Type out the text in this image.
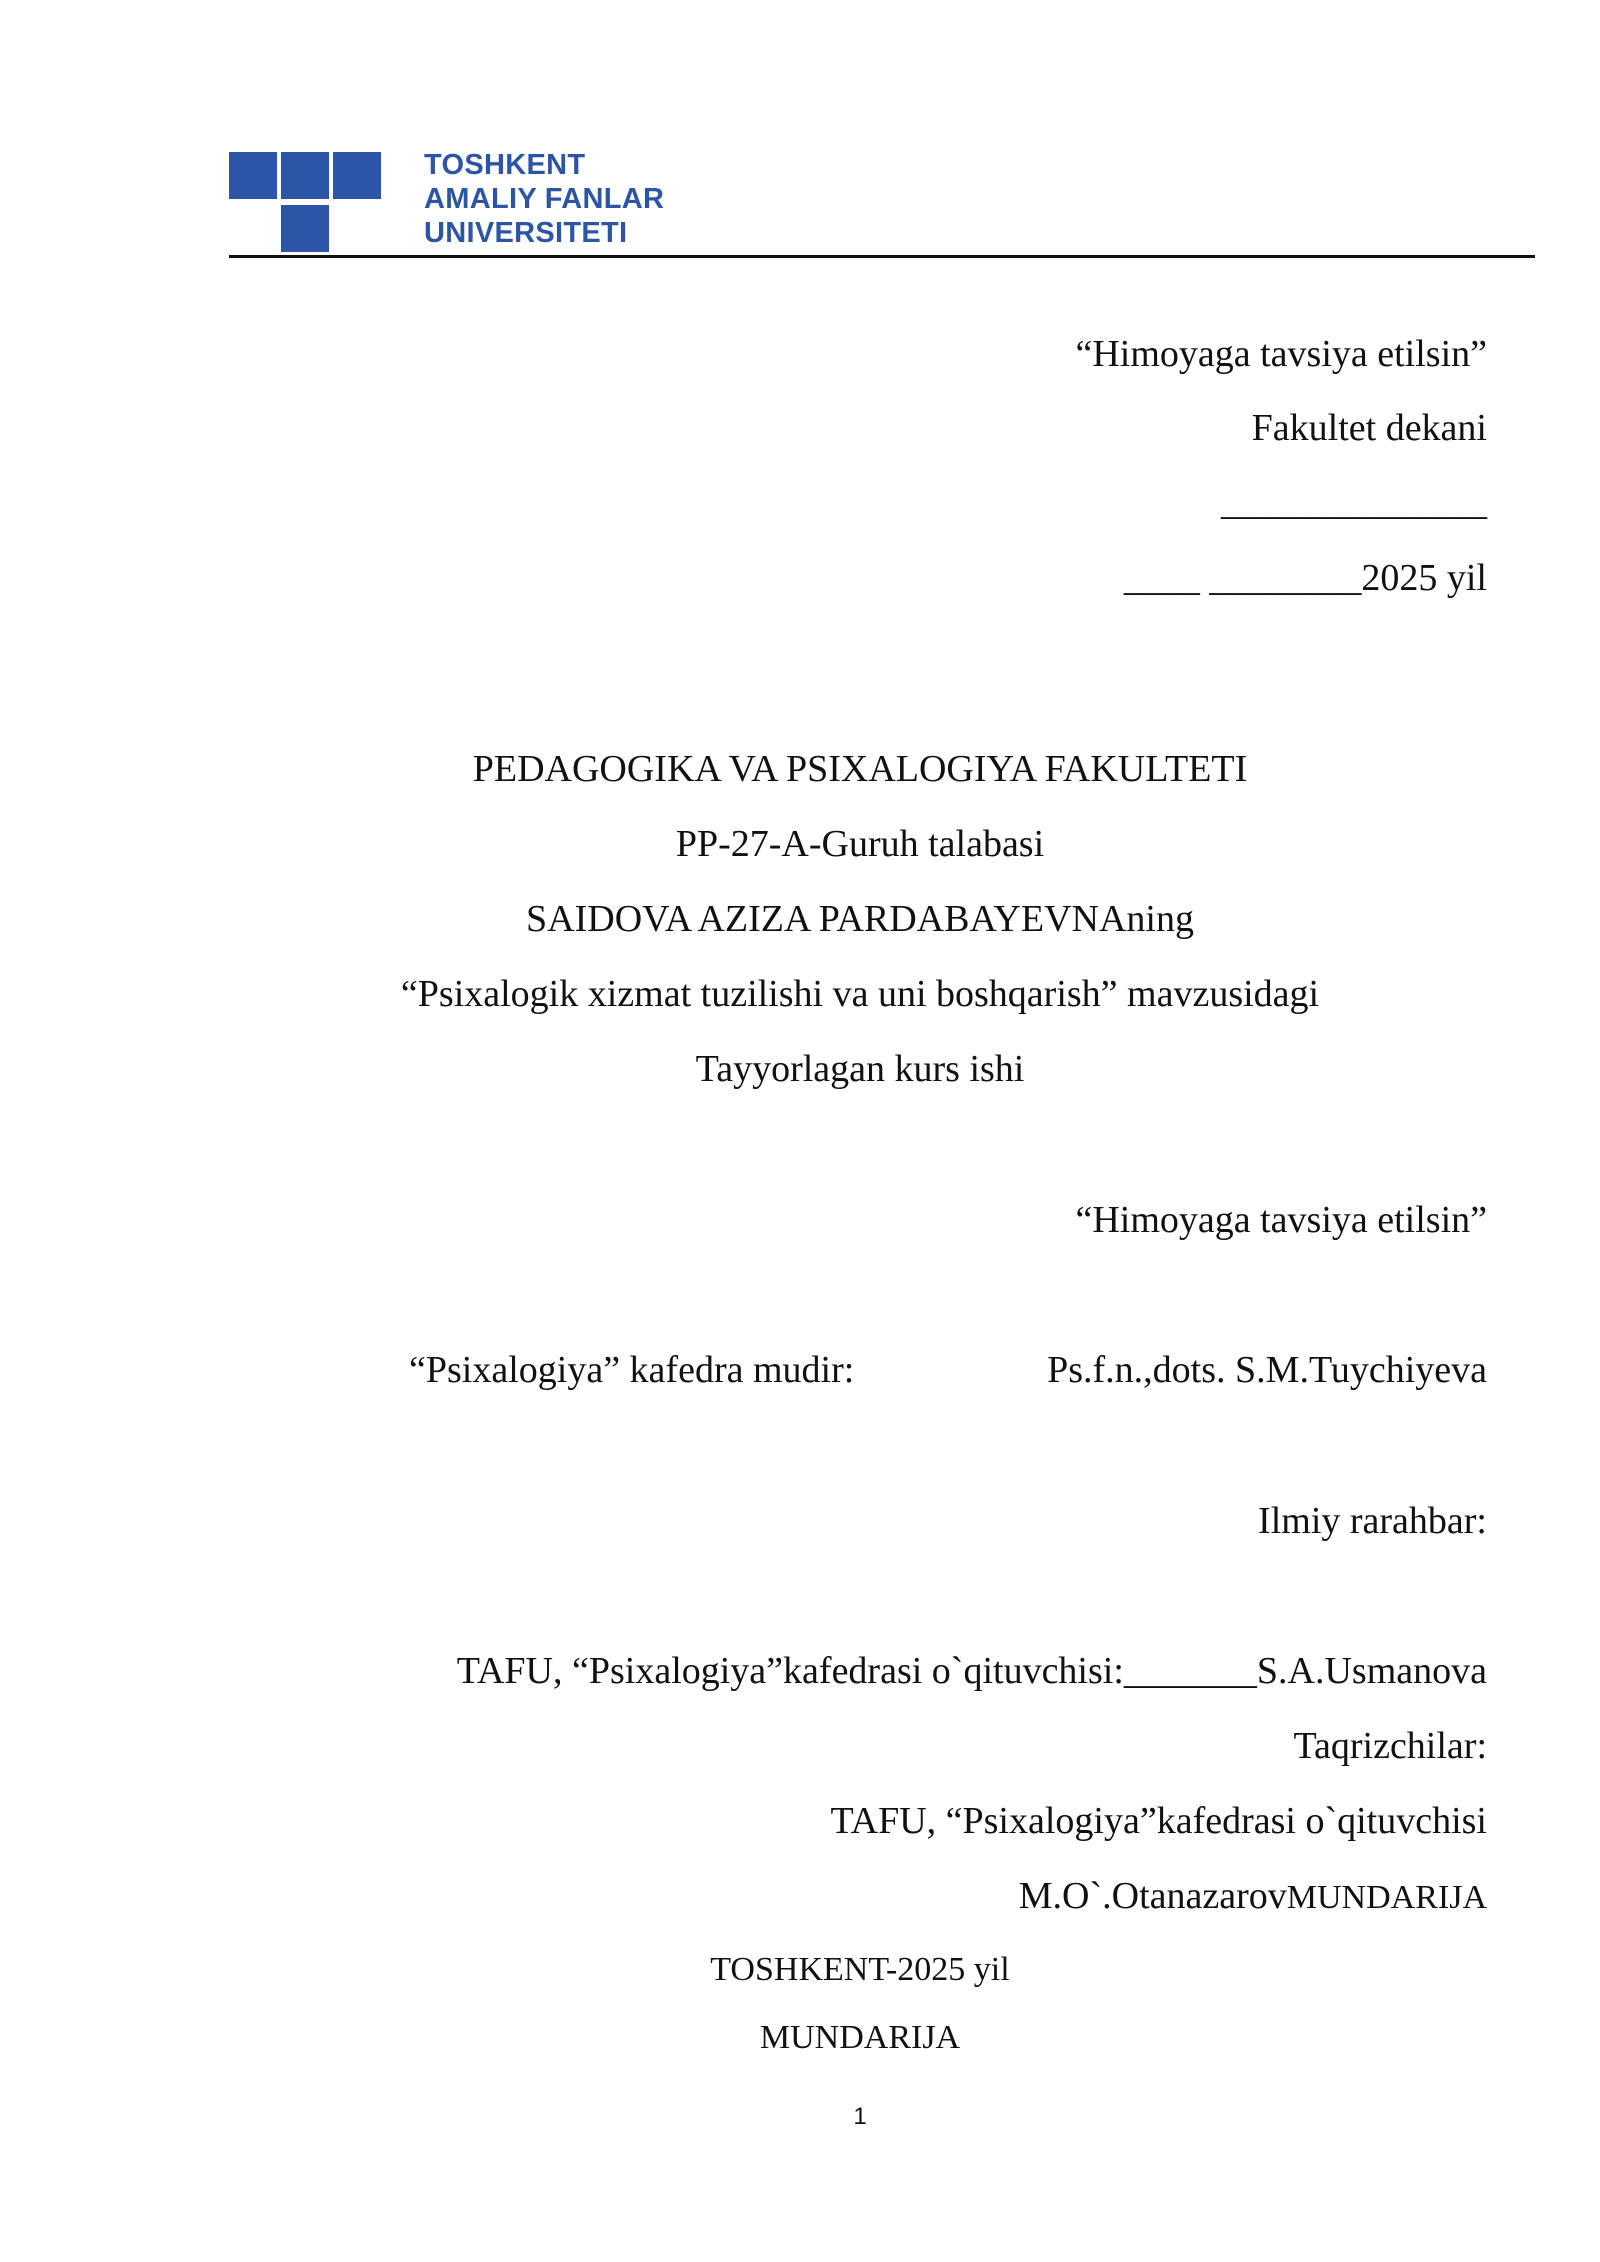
TOSHKENT
AMALIY FANLAR
UNIVERSITETI
“Himoyaga tavsiya etilsin”
Fakultet dekani
______________
____ ________2025 yil
PEDAGOGIKA VA PSIXALOGIYA FAKULTETI
PP-27-A-Guruh talabasi
SAIDOVA AZIZA PARDABAYEVNAning
“Psixalogik xizmat tuzilishi va uni boshqarish” mavzusidagi
Tayyorlagan kurs ishi
“Himoyaga tavsiya etilsin”
“Psixalogiya” kafedra mudir:	Ps.f.n.,dots. S.M.Tuychiyeva
Ilmiy rarahbar:
TAFU, “Psixalogiya”kafedrasi o`qituvchisi:_______S.A.Usmanova
Taqrizchilar:
TAFU, “Psixalogiya”kafedrasi o`qituvchisi
M.O`.OtanazarovMUNDARIJA
TOSHKENT-2025 yil
MUNDARIJA
1
